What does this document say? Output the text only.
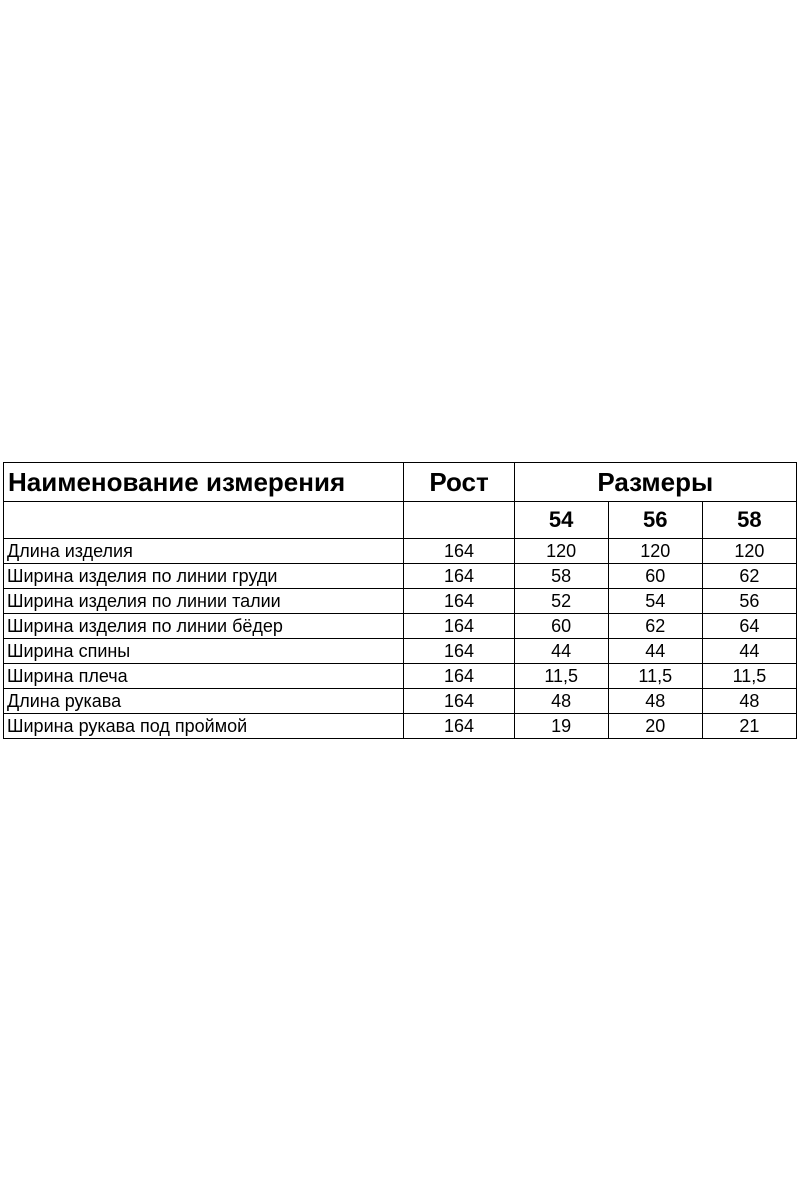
Наименование измерения	Рост	Размеры		
		54	56	58
Длина изделия	164	120	120	120
Ширина изделия по линии груди	164	58	60	62
Ширина изделия по линии талии	164	52	54	56
Ширина изделия по линии бёдер	164	60	62	64
Ширина спины	164	44	44	44
Ширина плеча	164	11,5	11,5	11,5
Длина рукава	164	48	48	48
Ширина рукава под проймой	164	19	20	21
